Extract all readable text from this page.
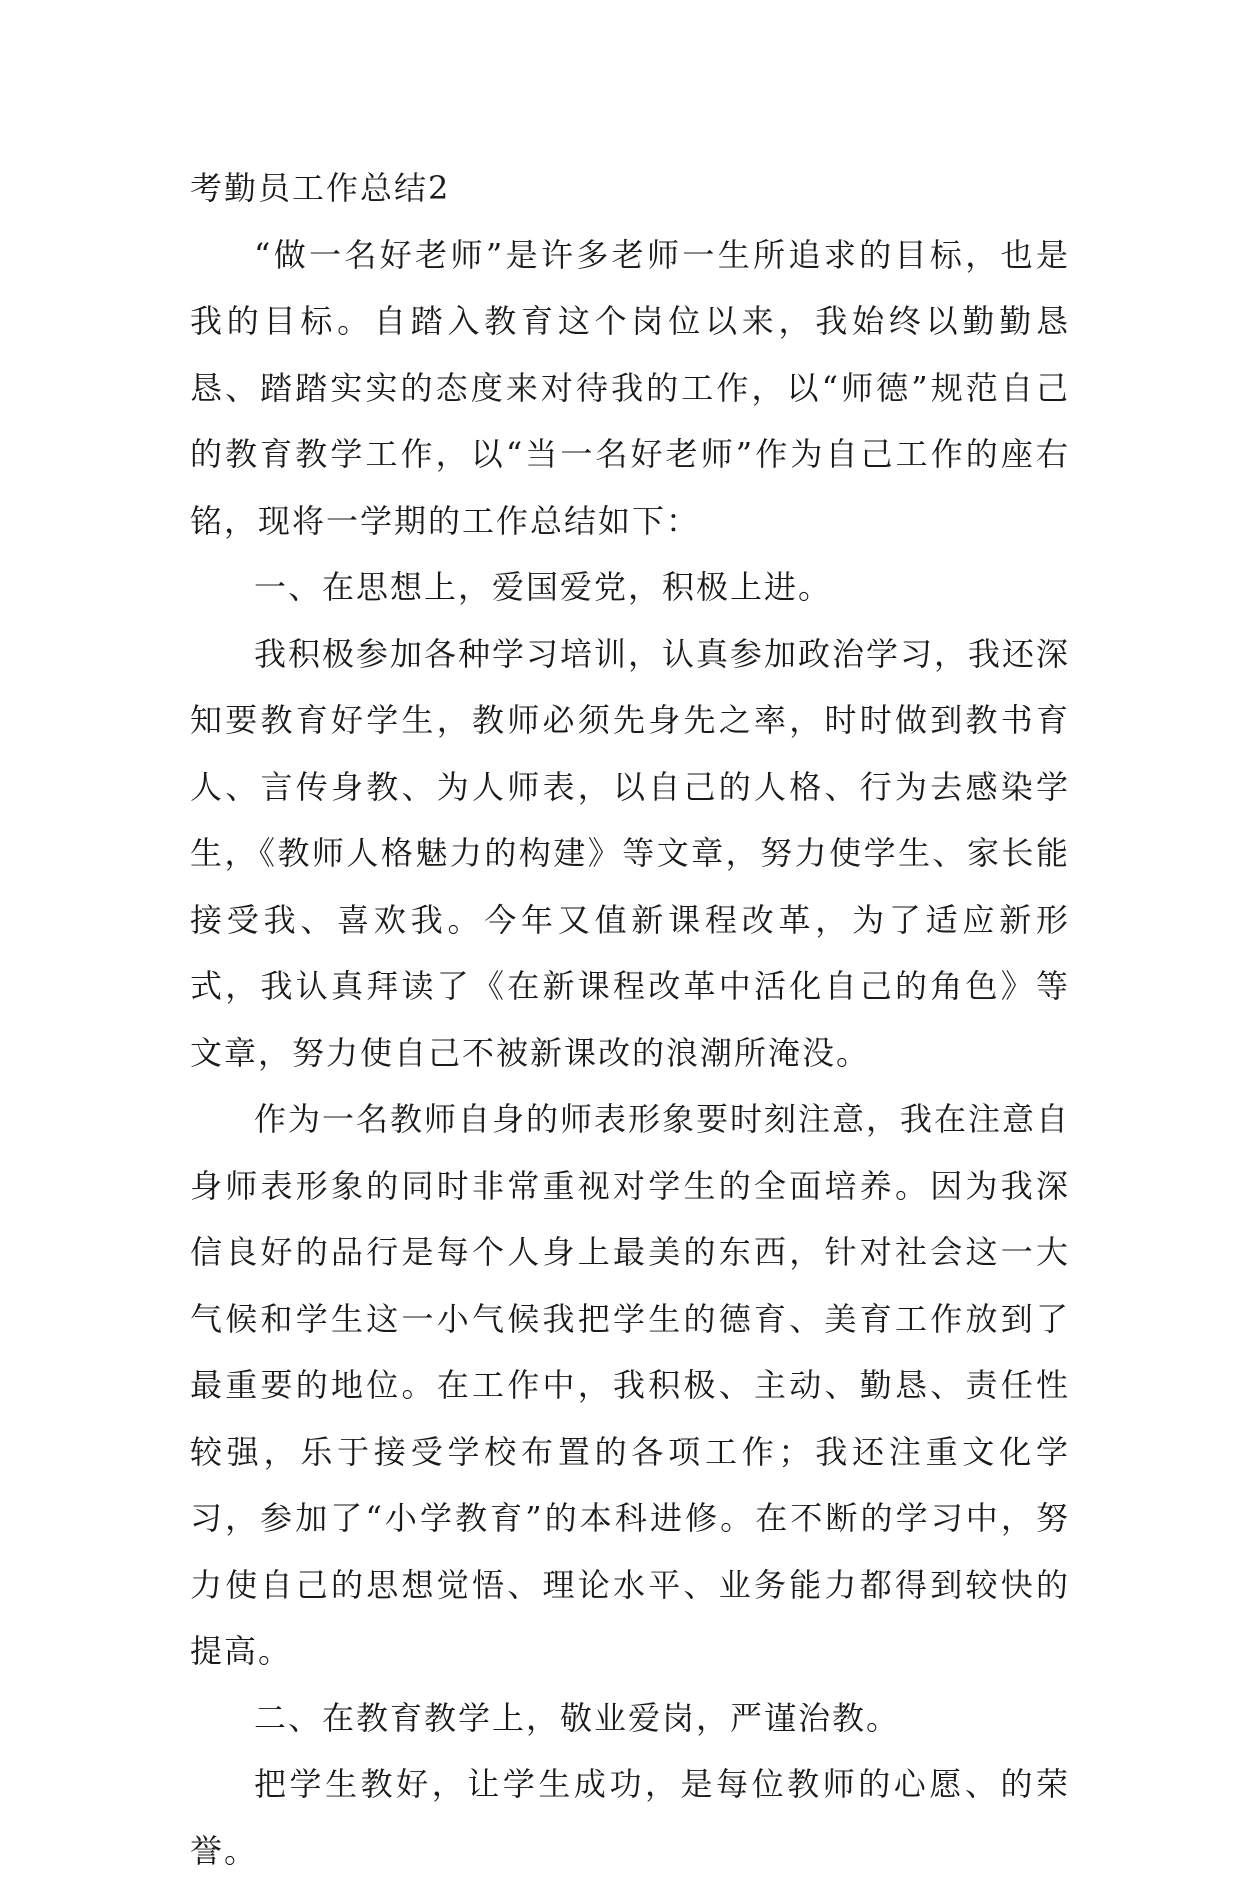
考勤员工作总结2

“做一名好老师”是许多老师一生所追求的目标，也是我的目标。自踏入教育这个岗位以来，我始终以勤勤恳恳、踏踏实实的态度来对待我的工作，以“师德”规范自己的教育教学工作，以“当一名好老师”作为自己工作的座右铭，现将一学期的工作总结如下：

一、在思想上，爱国爱党，积极上进。

我积极参加各种学习培训，认真参加政治学习，我还深知要教育好学生，教师必须先身先之率，时时做到教书育人、言传身教、为人师表，以自己的人格、行为去感染学生，《教师人格魅力的构建》等文章，努力使学生、家长能接受我、喜欢我。今年又值新课程改革，为了适应新形式，我认真拜读了《在新课程改革中活化自己的角色》等文章，努力使自己不被新课改的浪潮所淹没。

作为一名教师自身的师表形象要时刻注意，我在注意自身师表形象的同时非常重视对学生的全面培养。因为我深信良好的品行是每个人身上最美的东西，针对社会这一大气候和学生这一小气候我把学生的德育、美育工作放到了最重要的地位。在工作中，我积极、主动、勤恳、责任性较强，乐于接受学校布置的各项工作；我还注重文化学习，参加了“小学教育”的本科进修。在不断的学习中，努力使自己的思想觉悟、理论水平、业务能力都得到较快的提高。

二、在教育教学上，敬业爱岗，严谨治教。

把学生教好，让学生成功，是每位教师的心愿、的荣誉。
